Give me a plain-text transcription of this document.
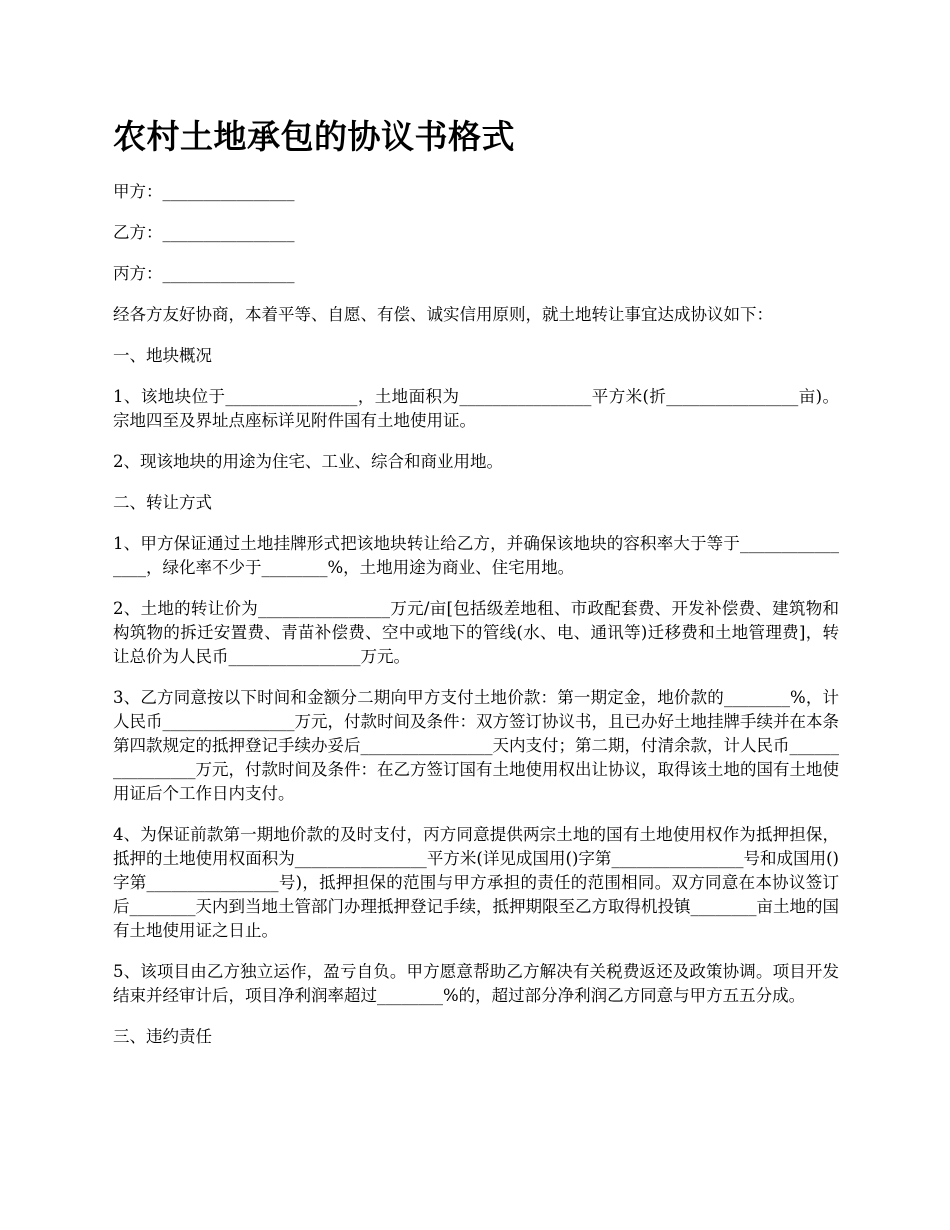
农村土地承包的协议书格式

甲方：________________

乙方：________________

丙方：________________

经各方友好协商，本着平等、自愿、有偿、诚实信用原则，就土地转让事宜达成协议如下：

一、地块概况

1、该地块位于________________，土地面积为________________平方米(折________________亩)。宗地四至及界址点座标详见附件国有土地使用证。

2、现该地块的用途为住宅、工业、综合和商业用地。

二、转让方式

1、甲方保证通过土地挂牌形式把该地块转让给乙方，并确保该地块的容积率大于等于________________，绿化率不少于________%，土地用途为商业、住宅用地。

2、土地的转让价为________________万元/亩[包括级差地租、市政配套费、开发补偿费、建筑物和构筑物的拆迁安置费、青苗补偿费、空中或地下的管线(水、电、通讯等)迁移费和土地管理费]，转让总价为人民币________________万元。

3、乙方同意按以下时间和金额分二期向甲方支付土地价款：第一期定金，地价款的________%，计人民币________________万元，付款时间及条件：双方签订协议书，且已办好土地挂牌手续并在本条第四款规定的抵押登记手续办妥后________________天内支付；第二期，付清余款，计人民币________________万元，付款时间及条件：在乙方签订国有土地使用权出让协议，取得该土地的国有土地使用证后个工作日内支付。

4、为保证前款第一期地价款的及时支付，丙方同意提供两宗土地的国有土地使用权作为抵押担保，抵押的土地使用权面积为________________平方米(详见成国用()字第________________号和成国用()字第________________号)，抵押担保的范围与甲方承担的责任的范围相同。双方同意在本协议签订后________天内到当地土管部门办理抵押登记手续，抵押期限至乙方取得机投镇________亩土地的国有土地使用证之日止。

5、该项目由乙方独立运作，盈亏自负。甲方愿意帮助乙方解决有关税费返还及政策协调。项目开发结束并经审计后，项目净利润率超过________%的，超过部分净利润乙方同意与甲方五五分成。

三、违约责任
